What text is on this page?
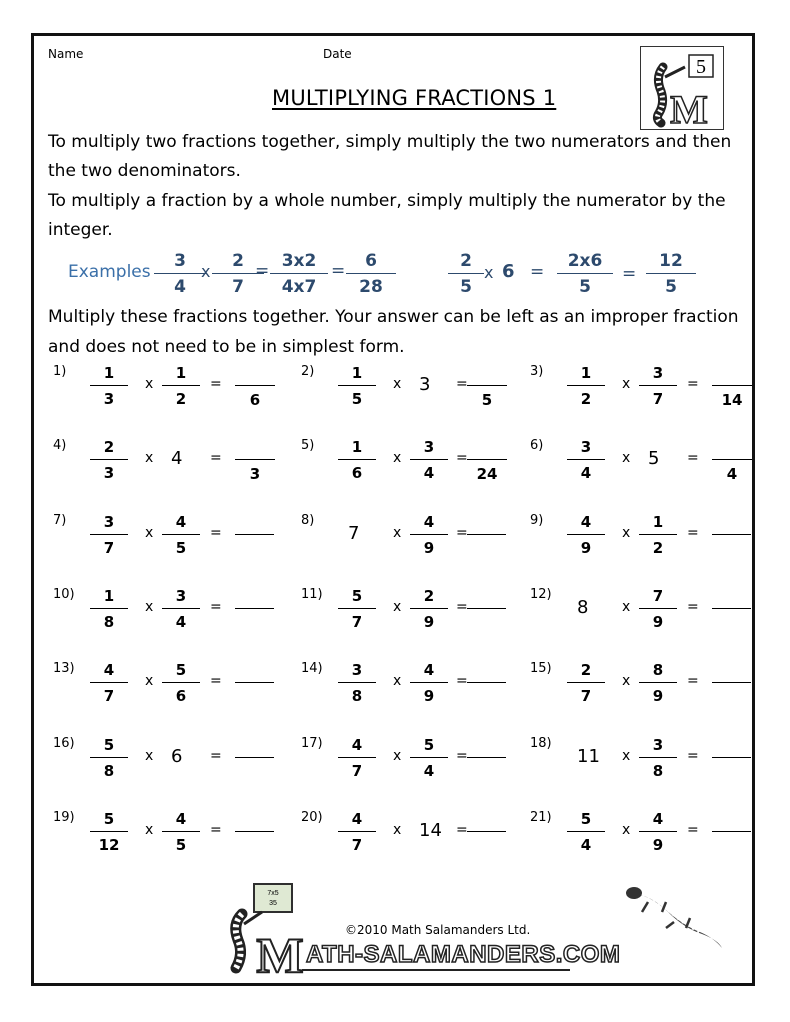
Name	Date
5
M
MULTIPLYING FRACTIONS 1
To multiply two fractions together, simply multiply the two numerators and then
the two denominators.
To multiply a fraction by a whole number, simply multiply the numerator by the
integer.
Examples
3
4
x
2
7
= 3x2
4x7
=	6
28
2
5
x 6 =
2x6
5
=
12
5
Multiply these fractions together. Your answer can be left as an improper fraction
and does not need to be in simplest form.
1)	1
3
x
1
2
=
6
2)	1
5
x 3 =
5
3)	1
2
x
3
7
=
14
4)	2
3
x 4 =
3
5)	1
6
x
3
4
=
24
6)	3
4
x 5 =
4
7)	3
7
x
4
5
=
8)
7 x
4
9
=
9)	4
9
x
1
2
=
10)	1
8
x
3
4
=
11)	5
7
x
2
9
=
12)
8 x
7
9
=
13)	4
7
x
5
6
=
14)	3
8
x
4
9
=
15)	2
7
x
8
9
=
16)	5
8
x 6 =
17)	4
7
x
5
4
=
18)
11 x
3
8
=
19)	5
12
x
4
5
=
20)	4
7
x 14 =
21)	5
4
x
4
9
=
©2010 Math Salamanders Ltd.
7x5
35
M ATH-SALAMANDERS.COM
